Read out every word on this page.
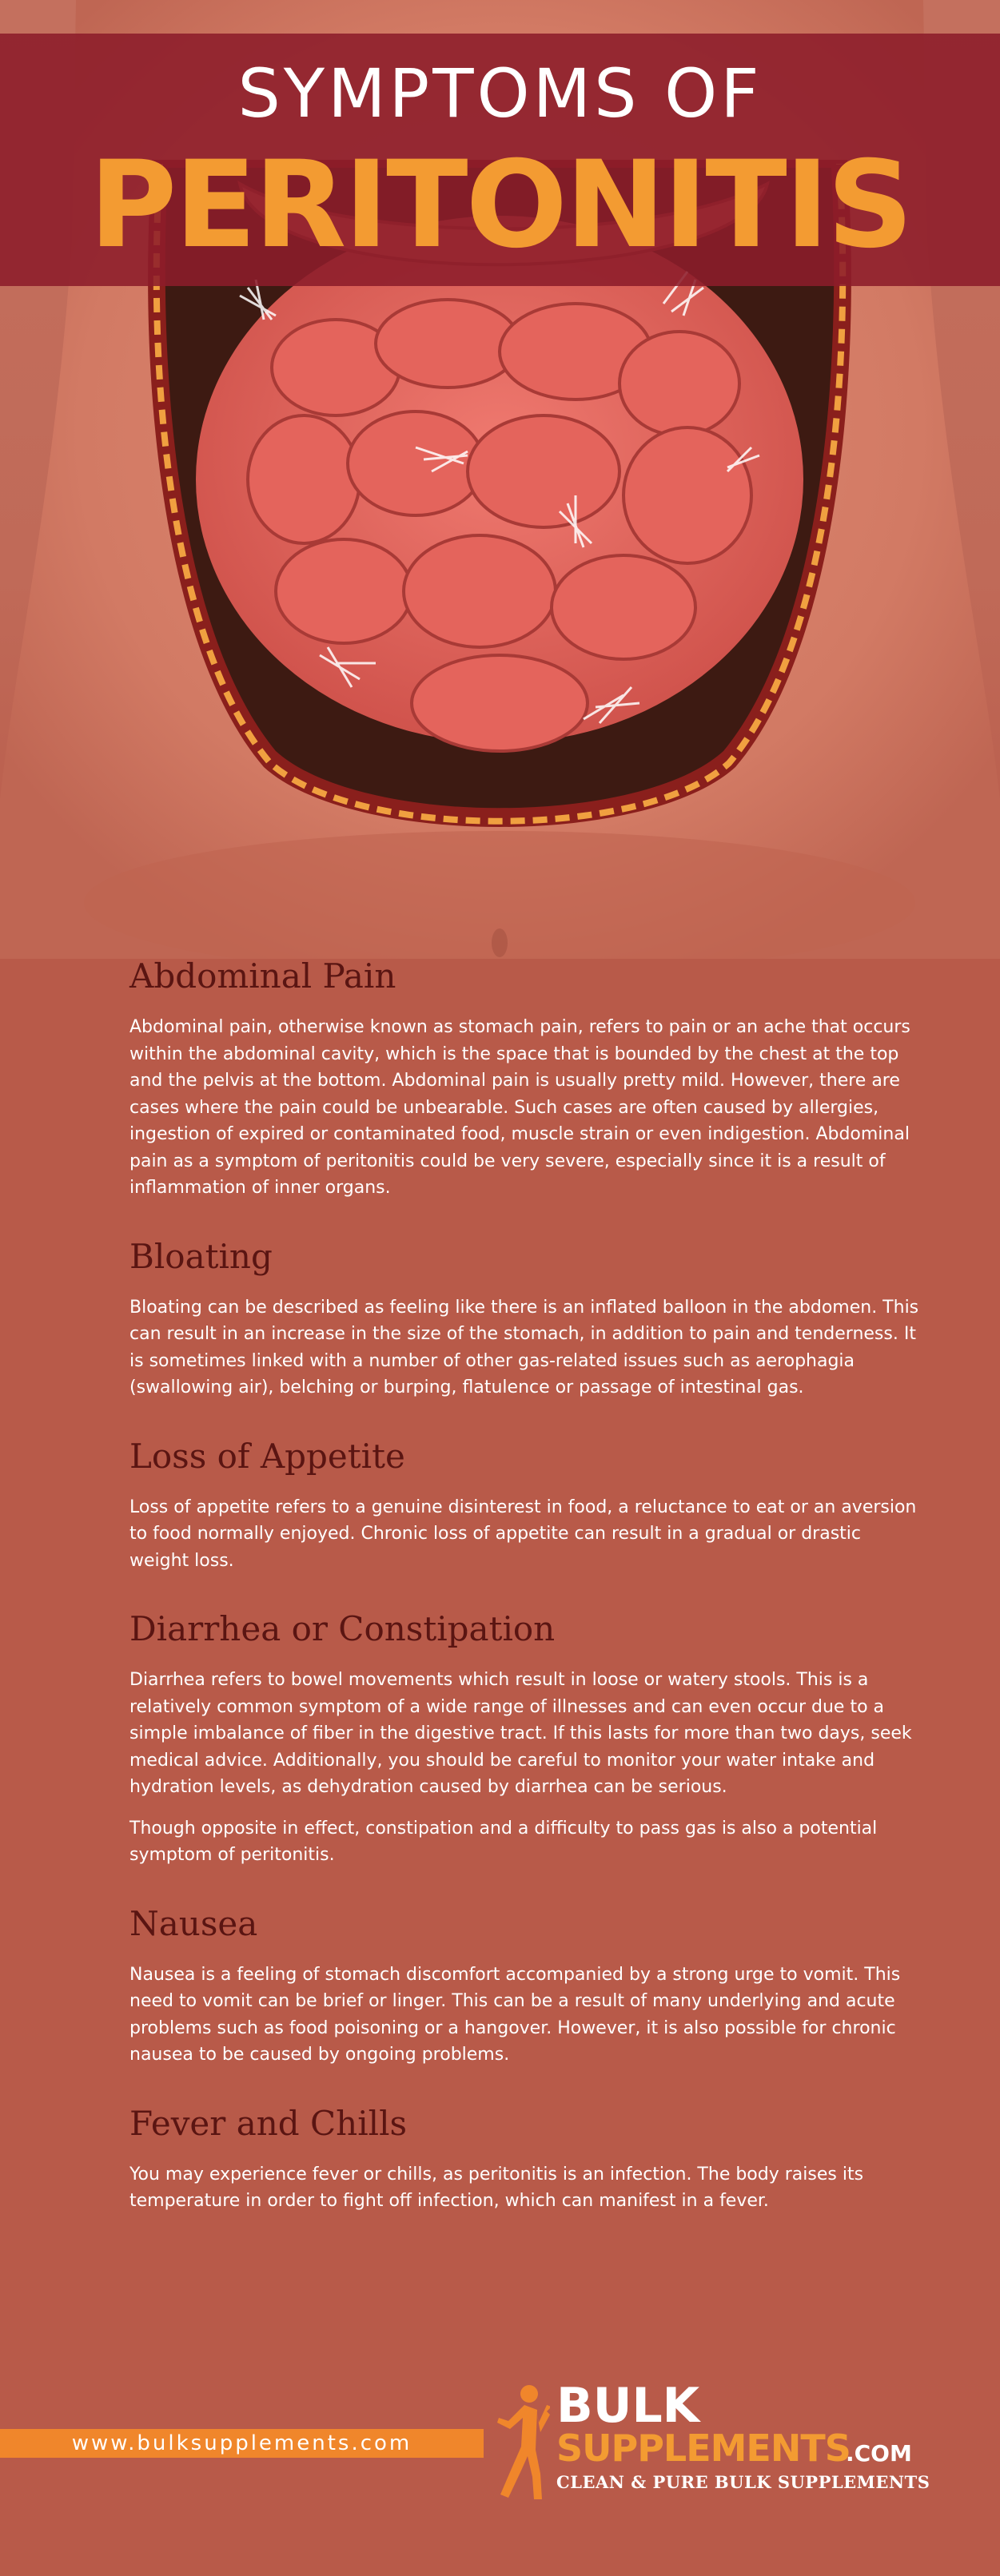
SYMPTOMS OF
PERITONITIS
Abdominal Pain

Abdominal pain, otherwise known as stomach pain, refers to pain or an ache that occurs within the abdominal cavity, which is the space that is bounded by the chest at the top and the pelvis at the bottom. Abdominal pain is usually pretty mild. However, there are cases where the pain could be unbearable. Such cases are often caused by allergies, ingestion of expired or contaminated food, muscle strain or even indigestion. Abdominal pain as a symptom of peritonitis could be very severe, especially since it is a result of inflammation of inner organs.

Bloating

Bloating can be described as feeling like there is an inflated balloon in the abdomen. This can result in an increase in the size of the stomach, in addition to pain and tenderness. It is sometimes linked with a number of other gas-related issues such as aerophagia (swallowing air), belching or burping, flatulence or passage of intestinal gas.

Loss of Appetite

Loss of appetite refers to a genuine disinterest in food, a reluctance to eat or an aversion to food normally enjoyed. Chronic loss of appetite can result in a gradual or drastic weight loss.

Diarrhea or Constipation

Diarrhea refers to bowel movements which result in loose or watery stools. This is a relatively common symptom of a wide range of illnesses and can even occur due to a simple imbalance of fiber in the digestive tract. If this lasts for more than two days, seek medical advice. Additionally, you should be careful to monitor your water intake and hydration levels, as dehydration caused by diarrhea can be serious.

Though opposite in effect, constipation and a difficulty to pass gas is also a potential symptom of peritonitis.

Nausea

Nausea is a feeling of stomach discomfort accompanied by a strong urge to vomit. This need to vomit can be brief or linger. This can be a result of many underlying and acute problems such as food poisoning or a hangover. However, it is also possible for chronic nausea to be caused by ongoing problems.

Fever and Chills

You may experience fever or chills, as peritonitis is an infection. The body raises its temperature in order to fight off infection, which can manifest in a fever.

www.bulksupplements.com
BULK
SUPPLEMENTS
.COM
CLEAN & PURE BULK SUPPLEMENTS
